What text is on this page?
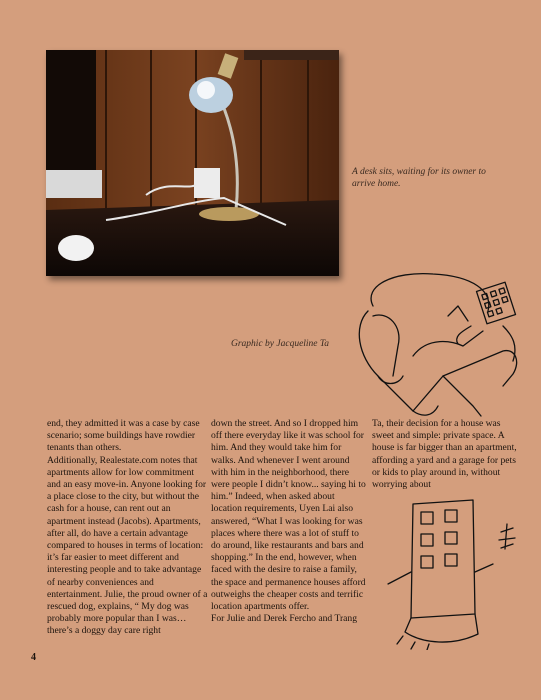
A desk sits, waiting for its owner to arrive home.
Graphic by Jacqueline Ta

end, they admitted it was a case by case scenario; some buildings have rowdier tenants than others.

Additionally, Realestate.com notes that apartments allow for low commitment and an easy move-in. Anyone looking for a place close to the city, but without the cash for a house, can rent out an apartment instead (Jacobs). Apartments, after all, do have a certain advantage compared to houses in terms of location: it’s far easier to meet different and interesting people and to take advantage of nearby conveniences and entertainment. Julie, the proud owner of a rescued dog, explains, “ My dog was probably more popular than I was…there’s a doggy day care right

down the street. And so I dropped him off there everyday like it was school for him. And they would take him for walks. And whenever I went around with him in the neighborhood, there were people I didn’t know... saying hi to him.” Indeed, when asked about location requirements, Uyen Lai also answered, “What I was looking for was places where there was a lot of stuff to do around, like restaurants and bars and shopping.” In the end, however, when faced with the desire to raise a family, the space and permanence houses afford outweighs the cheaper costs and terrific location apartments offer.

For Julie and Derek Fercho and Trang

Ta, their decision for a house was sweet and simple: private space. A house is far bigger than an apartment, affording a yard and a garage for pets or kids to play around in, without worrying about

4
